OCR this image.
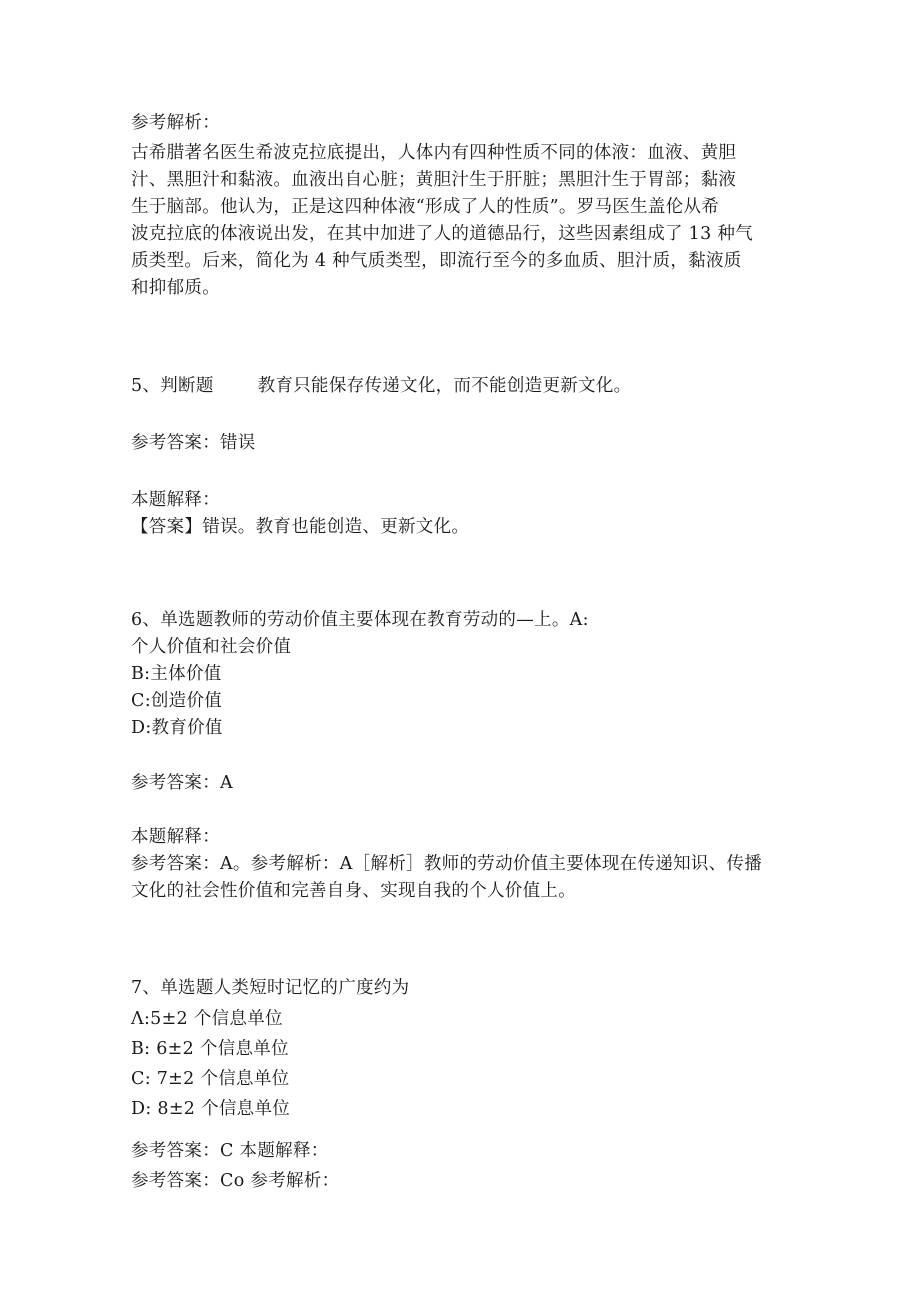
参考解析：
古希腊著名医生希波克拉底提出，人体内有四种性质不同的体液：血液、黄胆
汁、黑胆汁和黏液。血液出自心脏；黄胆汁生于肝脏；黑胆汁生于胃部；黏液
生于脑部。他认为，正是这四种体液“形成了人的性质”。罗马医生盖伦从希
波克拉底的体液说出发，在其中加进了人的道德品行，这些因素组成了 13 种气
质类型。后来，简化为 4 种气质类型，即流行至今的多血质、胆汁质，黏液质
和抑郁质。
5、判断题	教育只能保存传递文化，而不能创造更新文化。
参考答案：错误
本题解释：
【答案】错误。教育也能创造、更新文化。
6、单选题教师的劳动价值主要体现在教育劳动的—上。A:
个人价值和社会价值
B:主体价值
C:创造价值
D:教育价值
参考答案：A
本题解释：
参考答案：A。参考解析：A［解析］教师的劳动价值主要体现在传递知识、传播
文化的社会性价值和完善自身、实现自我的个人价值上。
7、单选题人类短时记忆的广度约为
Λ:5±2 个信息单位
B: 6±2 个信息单位
C: 7±2 个信息单位
D: 8±2 个信息单位
参考答案：C 本题解释：
参考答案：Co 参考解析：
